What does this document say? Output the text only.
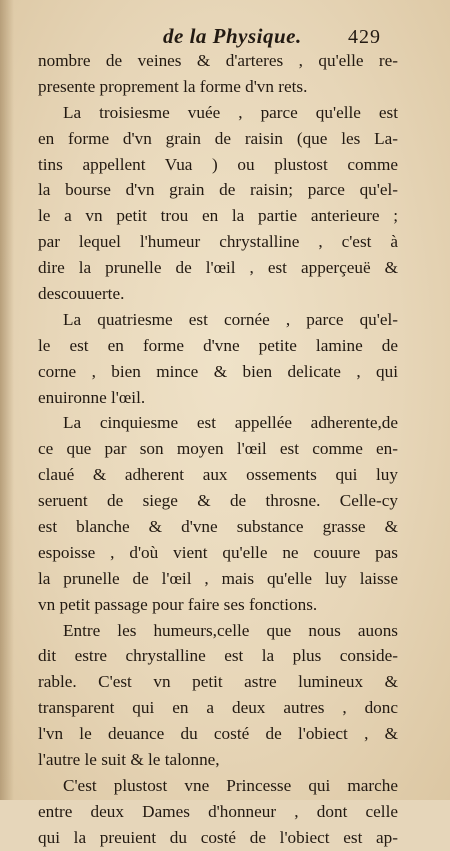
de la Physique. 429
nombre de veines & d'arteres , qu'elle re-
presente proprement la forme d'vn rets.
La troisiesme vuée , parce qu'elle est
en forme d'vn grain de raisin (que les La-
tins appellent Vua ) ou plustost comme
la bourse d'vn grain de raisin; parce qu'el-
le a vn petit trou en la partie anterieure ;
par lequel l'humeur chrystalline , c'est à
dire la prunelle de l'œil , est apperçeuë &
descouuerte.
La quatriesme est cornée , parce qu'el-
le est en forme d'vne petite lamine de
corne , bien mince & bien delicate , qui
enuironne l'œil.
La cinquiesme est appellée adherente,de
ce que par son moyen l'œil est comme en-
claué & adherent aux ossements qui luy
seruent de siege & de throsne. Celle-cy
est blanche & d'vne substance grasse &
espoisse , d'où vient qu'elle ne couure pas
la prunelle de l'œil , mais qu'elle luy laisse
vn petit passage pour faire ses fonctions.
Entre les humeurs,celle que nous auons
dit estre chrystalline est la plus conside-
rable. C'est vn petit astre lumineux &
transparent qui en a deux autres , donc
l'vn le deuance du costé de l'obiect , &
l'autre le suit & le talonne,
C'est plustost vne Princesse qui marche
entre deux Dames d'honneur , dont celle
qui la preuient du costé de l'obiect est ap-
